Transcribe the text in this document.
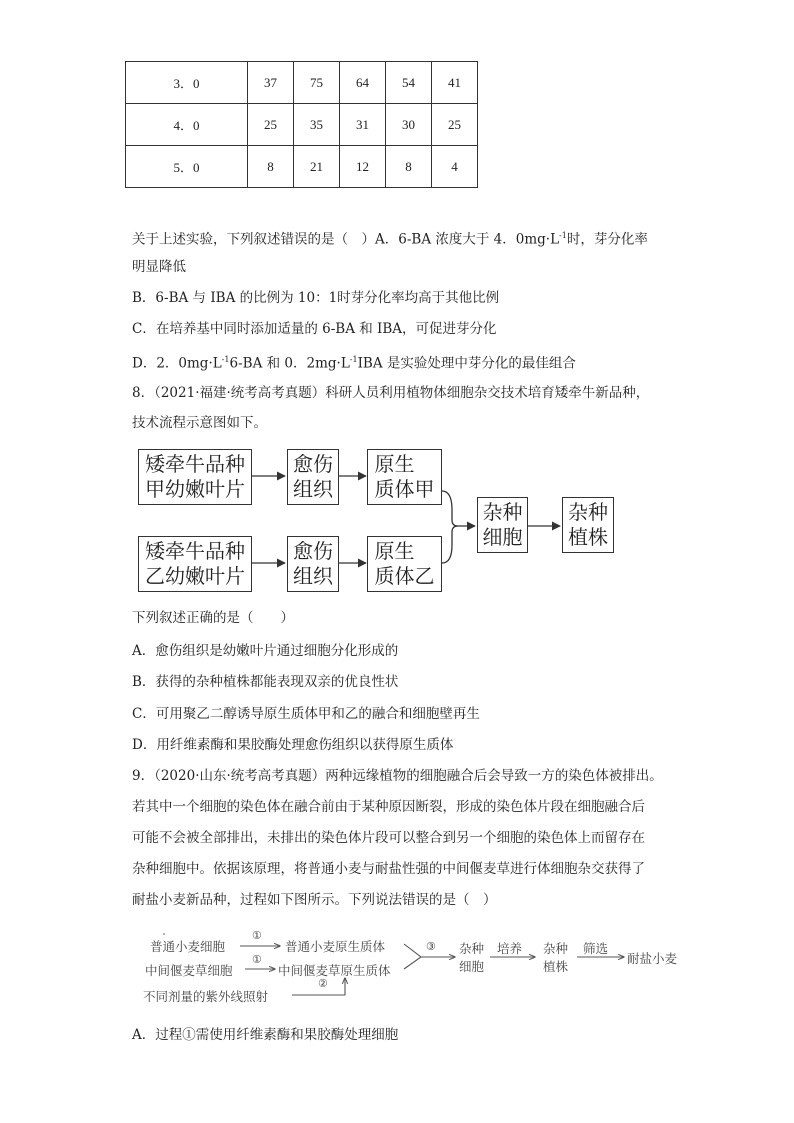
3．0	37	75	64	54	41
4．0	25	35	31	30	25
5．0	8	21	12	8	4
关于上述实验，下列叙述错误的是（　）A．6-BA 浓度大于 4．$0mg\cdot L^{-1}$时，芽分化率
明显降低
B．6-BA 与 IBA 的比例为 10：1时芽分化率均高于其他比例
C．在培养基中同时添加适量的 6-BA 和 IBA，可促进芽分化
D．2．$0mg\cdot L^{-1}6-BA$ 和 0．$2mg\cdot L^{-1}IBA$ 是实验处理中芽分化的最佳组合
8．（2021·福建·统考高考真题）科研人员利用植物体细胞杂交技术培育矮牵牛新品种，
技术流程示意图如下。
矮牵牛品种
甲幼嫩叶片
愈伤
组织
原生
质体甲
矮牵牛品种
乙幼嫩叶片
愈伤
组织
原生
质体乙
杂种
细胞
杂种
植株
下列叙述正确的是（　　）
A．愈伤组织是幼嫩叶片通过细胞分化形成的
B．获得的杂种植株都能表现双亲的优良性状
C．可用聚乙二醇诱导原生质体甲和乙的融合和细胞壁再生
D．用纤维素酶和果胶酶处理愈伤组织以获得原生质体
9．（2020·山东·统考高考真题）两种远缘植物的细胞融合后会导致一方的染色体被排出。
若其中一个细胞的染色体在融合前由于某种原因断裂，形成的染色体片段在细胞融合后
可能不会被全部排出，未排出的染色体片段可以整合到另一个细胞的染色体上而留存在
杂种细胞中。依据该原理，将普通小麦与耐盐性强的中间偃麦草进行体细胞杂交获得了
耐盐小麦新品种，过程如下图所示。下列说法错误的是（　）
普通小麦细胞
①
普通小麦原生质体
中间偃麦草细胞
①
中间偃麦草原生质体
不同剂量的紫外线照射
②
③ 杂种
细胞
培养 杂种
植株
筛选
耐盐小麦
A．过程①需使用纤维素酶和果胶酶处理细胞
